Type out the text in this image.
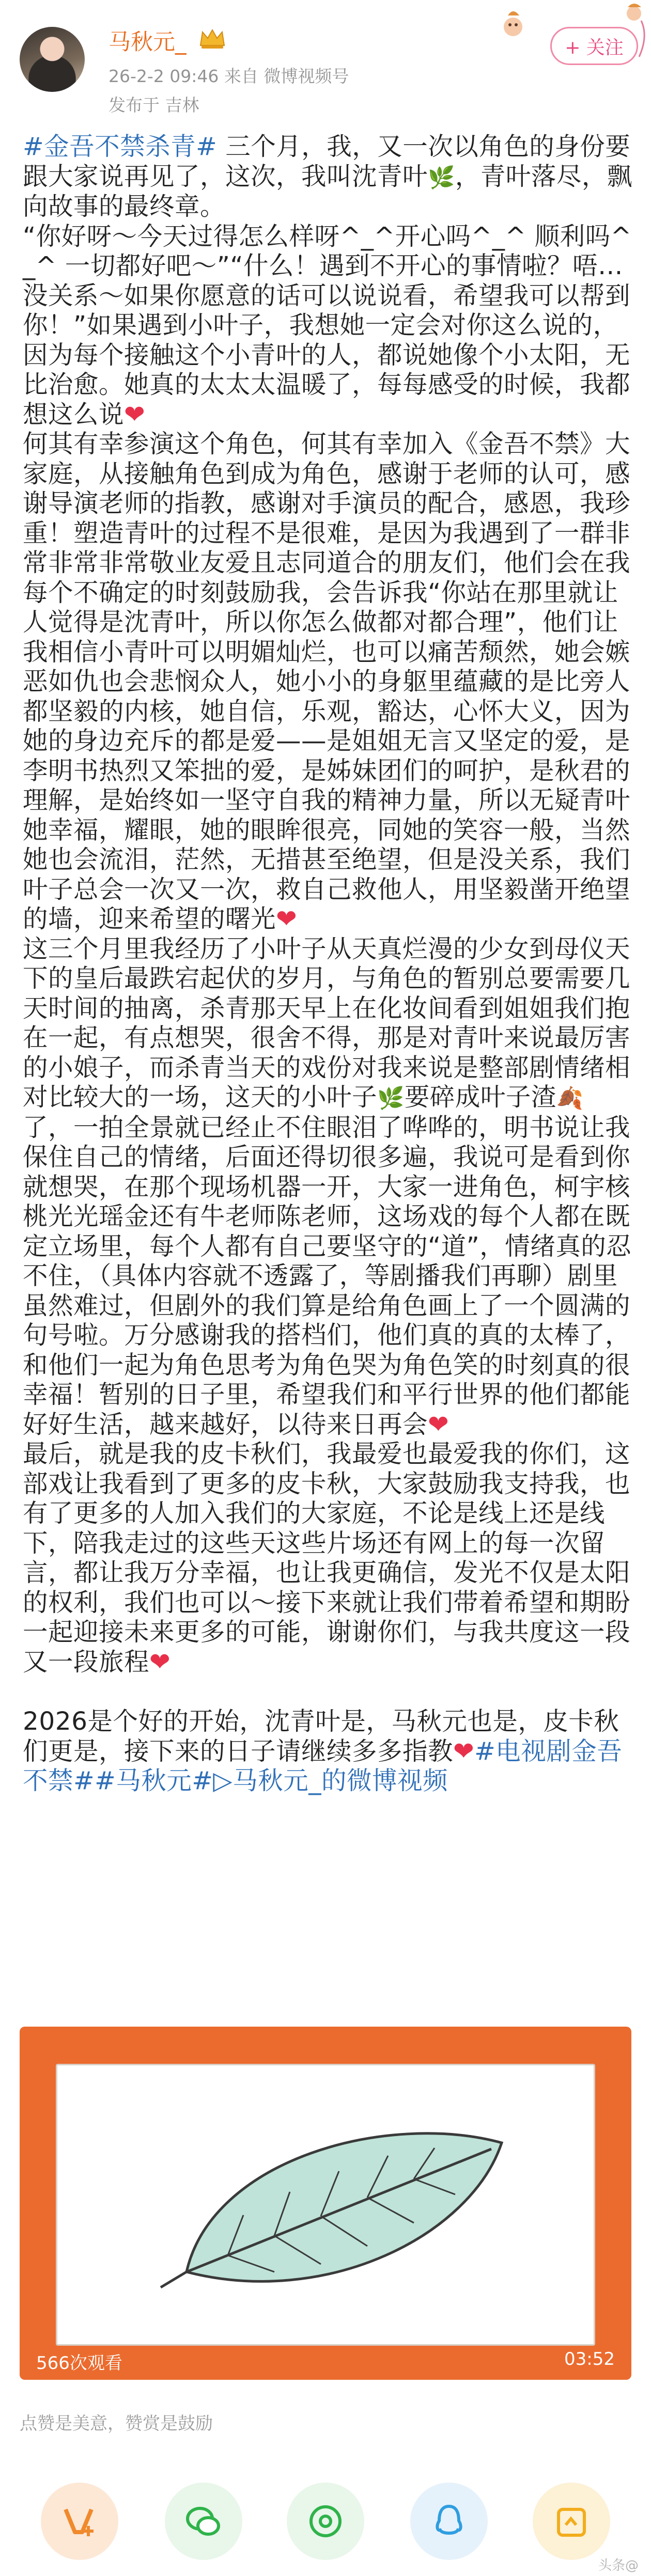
马秋元_
26-2-2 09:46 来自 微博视频号
发布于 吉林
+ 关注

#金吾不禁杀青# 三个月，我，又一次以角色的身份要跟大家说再见了，这次，我叫沈青叶🌿，青叶落尽，飘向故事的最终章。

“你好呀～今天过得怎么样呀^_^开心吗^_^ 顺利吗^_^ 一切都好吧～”“什么！遇到不开心的事情啦？唔…没关系～如果你愿意的话可以说说看，希望我可以帮到你！”如果遇到小叶子，我想她一定会对你这么说的，因为每个接触这个小青叶的人，都说她像个小太阳，无比治愈。她真的太太太温暖了，每每感受的时候，我都想这么说❤

何其有幸参演这个角色，何其有幸加入《金吾不禁》大家庭，从接触角色到成为角色，感谢于老师的认可，感谢导演老师的指教，感谢对手演员的配合，感恩，我珍重！塑造青叶的过程不是很难，是因为我遇到了一群非常非常非常敬业友爱且志同道合的朋友们，他们会在我每个不确定的时刻鼓励我，会告诉我“你站在那里就让人觉得是沈青叶，所以你怎么做都对都合理”，他们让我相信小青叶可以明媚灿烂，也可以痛苦颓然，她会嫉恶如仇也会悲悯众人，她小小的身躯里蕴藏的是比旁人都坚毅的内核，她自信，乐观，豁达，心怀大义，因为她的身边充斥的都是爱——是姐姐无言又坚定的爱，是李明书热烈又笨拙的爱，是姊妹团们的呵护，是秋君的理解，是始终如一坚守自我的精神力量，所以无疑青叶她幸福，耀眼，她的眼眸很亮，同她的笑容一般，当然她也会流泪，茫然，无措甚至绝望，但是没关系，我们叶子总会一次又一次，救自己救他人，用坚毅凿开绝望的墙，迎来希望的曙光❤

这三个月里我经历了小叶子从天真烂漫的少女到母仪天下的皇后最跌宕起伏的岁月，与角色的暂别总要需要几天时间的抽离，杀青那天早上在化妆间看到姐姐我们抱在一起，有点想哭，很舍不得，那是对青叶来说最厉害的小娘子，而杀青当天的戏份对我来说是整部剧情绪相对比较大的一场，这天的小叶子🌿要碎成叶子渣🍂了，一拍全景就已经止不住眼泪了哗哗的，明书说让我保住自己的情绪，后面还得切很多遍，我说可是看到你就想哭，在那个现场机器一开，大家一进角色，柯宇核桃光光瑶金还有牛老师陈老师，这场戏的每个人都在既定立场里，每个人都有自己要坚守的“道”，情绪真的忍不住，（具体内容就不透露了，等剧播我们再聊）剧里虽然难过，但剧外的我们算是给角色画上了一个圆满的句号啦。万分感谢我的搭档们，他们真的真的太棒了，和他们一起为角色思考为角色哭为角色笑的时刻真的很幸福！暂别的日子里，希望我们和平行世界的他们都能好好生活，越来越好，以待来日再会❤

最后，就是我的皮卡秋们，我最爱也最爱我的你们，这部戏让我看到了更多的皮卡秋，大家鼓励我支持我，也有了更多的人加入我们的大家庭，不论是线上还是线下，陪我走过的这些天这些片场还有网上的每一次留言，都让我万分幸福，也让我更确信，发光不仅是太阳的权利，我们也可以～接下来就让我们带着希望和期盼一起迎接未来更多的可能，谢谢你们，与我共度这一段又一段旅程❤

2026是个好的开始，沈青叶是，马秋元也是，皮卡秋们更是，接下来的日子请继续多多指教❤#电视剧金吾不禁##马秋元#▷马秋元_的微博视频

566次观看	03:52
点赞是美意，赞赏是鼓励
头条@
